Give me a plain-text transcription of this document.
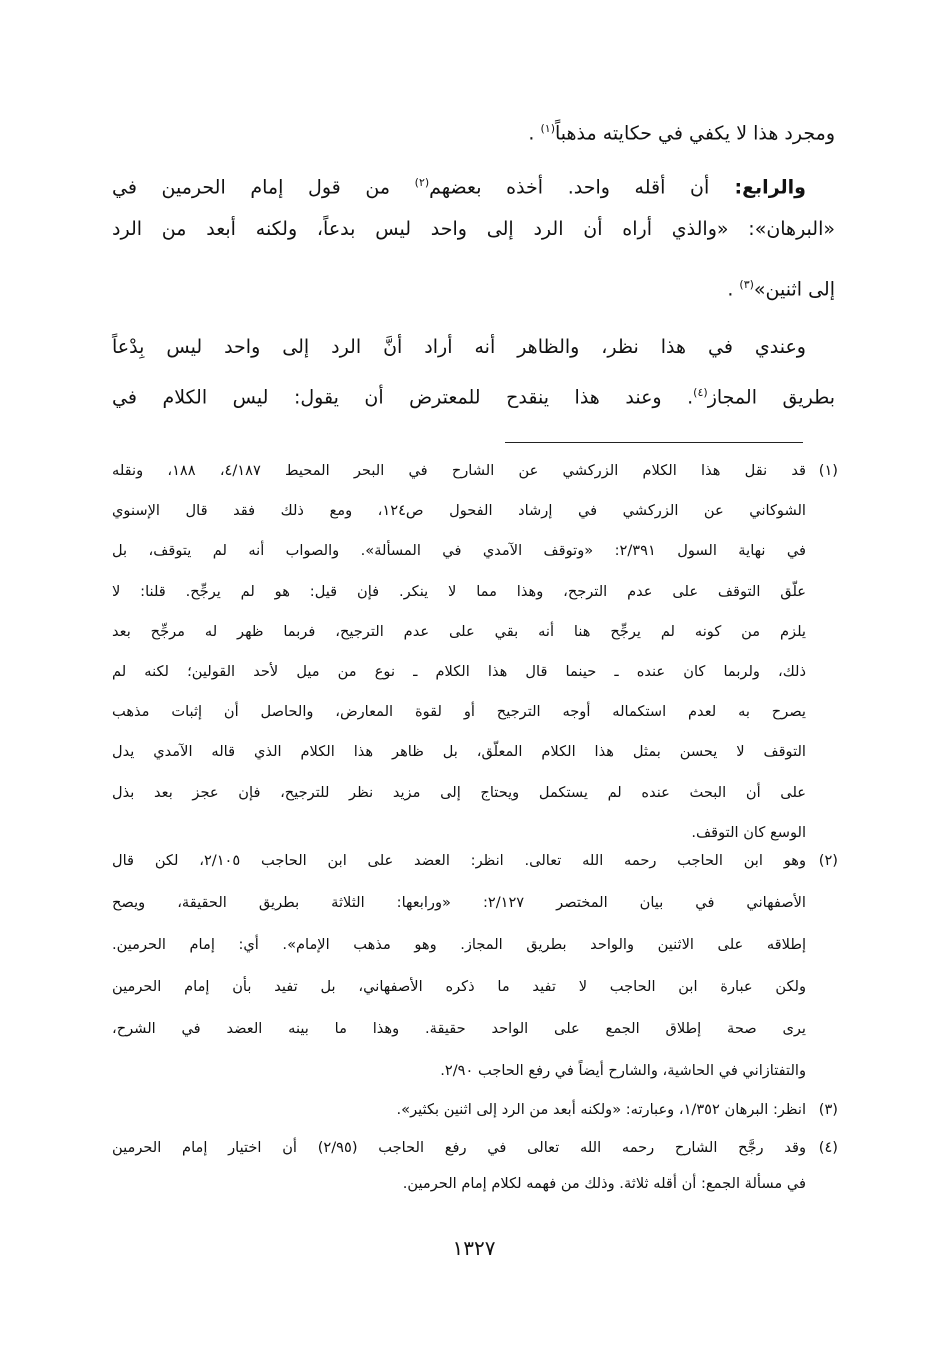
ومجرد هذا لا يكفي في حكايته مذهباً$^{(١)}$ .
والرابع: أن أقله واحد. أخذه بعضهم$^{(٢)}$ من قول إمام الحرمين في
«البرهان»: «والذي أراه أن الرد إلى واحد ليس بدعاً، ولكنه أبعد من الرد
إلى اثنين»$^{(٣)}$ .
وعندي في هذا نظر، والظاهر أنه أراد أنَّ الرد إلى واحد ليس بِدْعاً
بطريق المجاز$^{(٤)}$. وعند هذا ينقدح للمعترض أن يقول: ليس الكلام في
(١)
قد نقل هذا الكلام الزركشي عن الشارح في البحر المحيط ٤/١٨٧، ١٨٨، ونقله
الشوكاني عن الزركشي في إرشاد الفحول ص١٢٤، ومع ذلك فقد قال الإسنوي
في نهاية السول ٢/٣٩١: «وتوقف الآمدي في المسألة». والصواب أنه لم يتوقف، بل
علّق التوقف على عدم الترجح، وهذا مما لا ينكر. فإن قيل: هو لم يرجِّح. قلنا: لا
يلزم من كونه لم يرجِّح هنا أنه بقي على عدم الترجيح، فربما ظهر له مرجِّح بعد
ذلك، ولربما كان عنده ـ حينما قال هذا الكلام ـ نوع من ميل لأحد القولين؛ لكنه لم
يصرح به لعدم استكماله أوجه الترجيح أو لقوة المعارض، والحاصل أن إثبات مذهب
التوقف لا يحسن بمثل هذا الكلام المعلّق، بل ظاهر هذا الكلام الذي قاله الآمدي يدل
على أن البحث عنده لم يستكمل ويحتاج إلى مزيد نظر للترجيح، فإن عجز بعد بذل
الوسع كان التوقف.
(٢)
وهو ابن الحاجب رحمه الله تعالى. انظر: العضد على ابن الحاجب ٢/١٠٥، لكن قال
الأصفهاني في بيان المختصر ٢/١٢٧: «ورابعها: الثلاثة بطريق الحقيقة، ويصح
إطلاقه على الاثنين والواحد بطريق المجاز. وهو مذهب الإمام». أي: إمام الحرمين.
ولكن عبارة ابن الحاجب لا تفيد ما ذكره الأصفهاني، بل تفيد بأن إمام الحرمين
يرى صحة إطلاق الجمع على الواحد حقيقة. وهذا ما بينه العضد في الشرح،
والتفتازاني في الحاشية، والشارح أيضاً في رفع الحاجب ٢/٩٠.
(٣)
انظر: البرهان ١/٣٥٢، وعبارته: «ولكنه أبعد من الرد إلى اثنين بكثير».
(٤)
وقد رجَّح الشارح رحمه الله تعالى في رفع الحاجب (٢/٩٥) أن اختيار إمام الحرمين
في مسألة الجمع: أن أقله ثلاثة. وذلك من فهمه لكلام إمام الحرمين.
١٣٢٧
